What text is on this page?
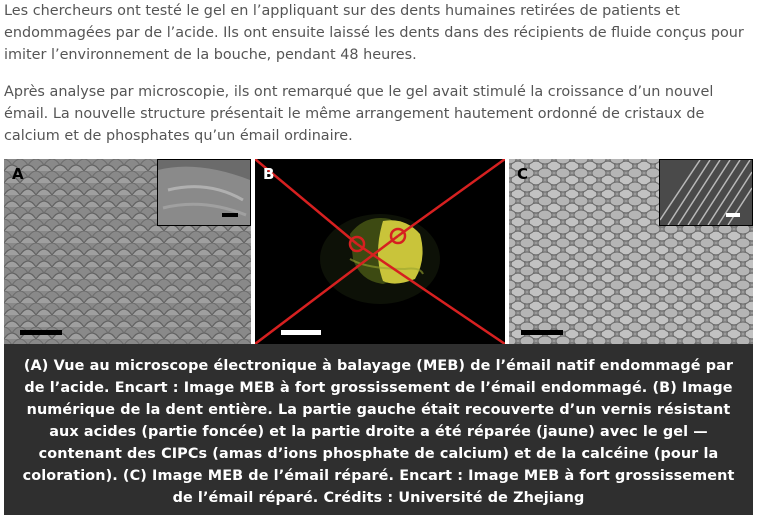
Les chercheurs ont testé le gel en l’appliquant sur des dents humaines retirées de patients et endommagées par de l’acide. Ils ont ensuite laissé les dents dans des récipients de fluide conçus pour imiter l’environnement de la bouche, pendant 48 heures.

Après analyse par microscopie, ils ont remarqué que le gel avait stimulé la croissance d’un nouvel émail. La nouvelle structure présentait le même arrangement hautement ordonné de cristaux de calcium et de phosphates qu’un émail ordinaire.

A	B	C
(A) Vue au microscope électronique à balayage (MEB) de l’émail natif endommagé par de l’acide. Encart : Image MEB à fort grossissement de l’émail endommagé. (B) Image numérique de la dent entière. La partie gauche était recouverte d’un vernis résistant aux acides (partie foncée) et la partie droite a été réparée (jaune) avec le gel — contenant des CIPCs (amas d’ions phosphate de calcium) et de la calcéine (pour la coloration). (C) Image MEB de l’émail réparé. Encart : Image MEB à fort grossissement de l’émail réparé. Crédits : Université de Zhejiang
